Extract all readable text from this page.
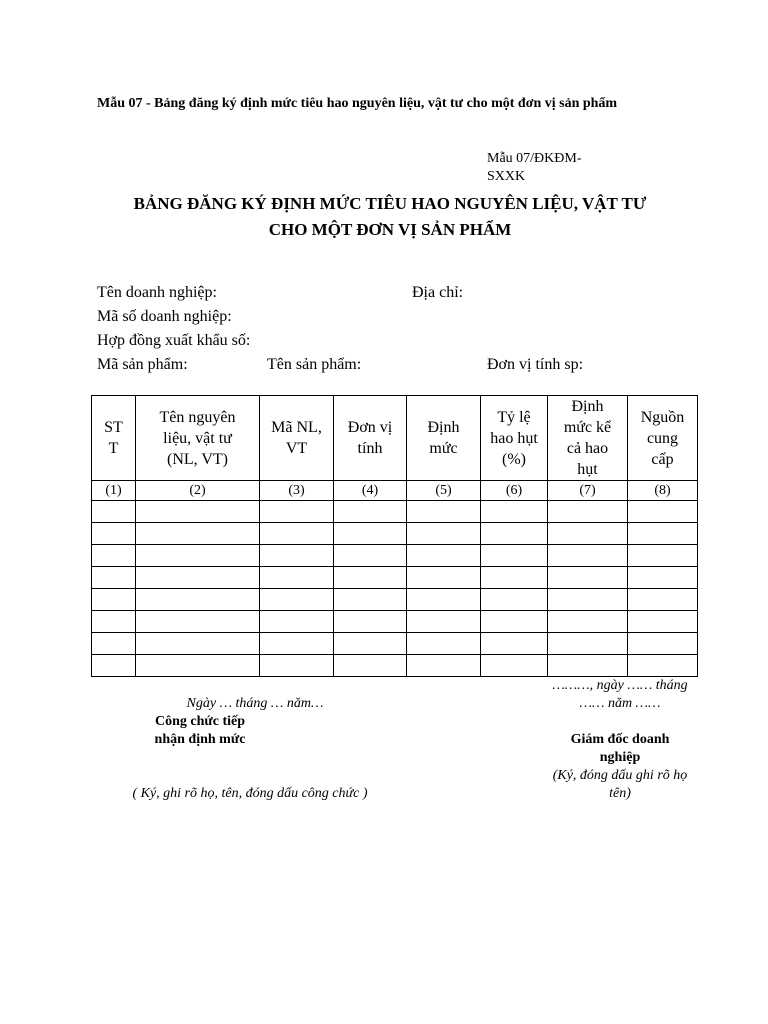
Mẫu 07 - Bảng đăng ký định mức tiêu hao nguyên liệu, vật tư cho một đơn vị sản phẩm
Mẫu 07/ĐKĐM-SXXK
BẢNG ĐĂNG KÝ ĐỊNH MỨC TIÊU HAO NGUYÊN LIỆU, VẬT TƯ
CHO MỘT ĐƠN VỊ SẢN PHẨM
Tên doanh nghiệp:	Địa chỉ:
Mã số doanh nghiệp:
Hợp đồng xuất khẩu số:
Mã sản phẩm:	Tên sản phẩm:	Đơn vị tính sp:
ST T	Tên nguyên liệu, vật tư (NL, VT)	Mã NL, VT	Đơn vị tính	Định mức	Tỷ lệ hao hụt (%)	Định mức kể cả hao hụt	Nguồn cung cấp
(1)	(2)	(3)	(4)	(5)	(6)	(7)	(8)

Ngày … tháng … năm…
Công chức tiếp nhận định mức
( Ký, ghi rõ họ, tên, đóng dấu công chức )
………, ngày …… tháng …… năm ……
Giám đốc doanh nghiệp
(Ký, đóng dấu ghi rõ họ tên)
